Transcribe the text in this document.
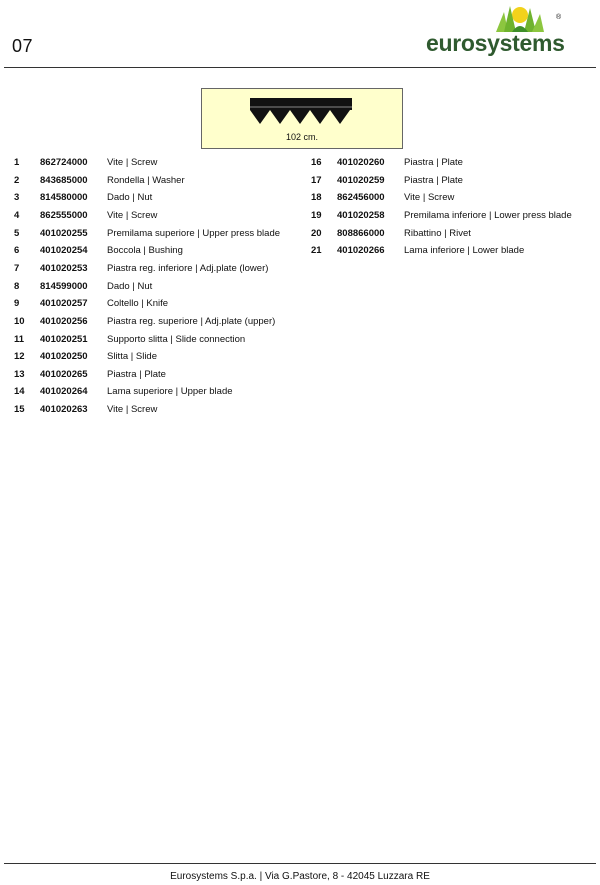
07
®
eurosystems
102 cm.
1 862724000 Vite | Screw
2 843685000 Rondella | Washer
3 814580000 Dado | Nut
4 862555000 Vite | Screw
5 401020255 Premilama superiore | Upper press blade
6 401020254 Boccola | Bushing
7 401020253 Piastra reg. inferiore | Adj.plate (lower)
8 814599000 Dado | Nut
9 401020257 Coltello | Knife
10 401020256 Piastra reg. superiore | Adj.plate (upper)
11 401020251 Supporto slitta | Slide connection
12 401020250 Slitta | Slide
13 401020265 Piastra | Plate
14 401020264 Lama superiore | Upper blade
15 401020263 Vite | Screw
16 401020260 Piastra | Plate
17 401020259 Piastra | Plate
18 862456000 Vite | Screw
19 401020258 Premilama inferiore | Lower press blade
20 808866000 Ribattino | Rivet
21 401020266 Lama inferiore | Lower blade
Eurosystems S.p.a. | Via G.Pastore, 8 - 42045 Luzzara RE
